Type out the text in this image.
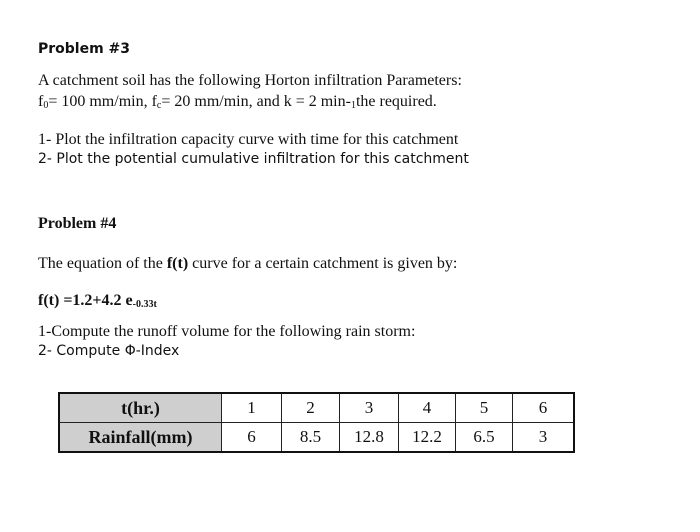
Problem #3
A catchment soil has the following Horton infiltration Parameters:
$f_0= 100$ mm/min, $f_c= 20$ mm/min, and k = 2 $\min-_1the$ required.
1- Plot the infiltration capacity curve with time for this catchment
2- Plot the potential cumulative infiltration for this catchment
Problem #4
The equation of the f(t) curve for a certain catchment is given by:
f(t) =1.2+4.2 $e_{-0.33t}$
1-Compute the runoff volume for the following rain storm:
2- Compute Φ-Index
t(hr.)	1	2	3	4	5	6
Rainfall(mm)	6	8.5	12.8	12.2	6.5	3
